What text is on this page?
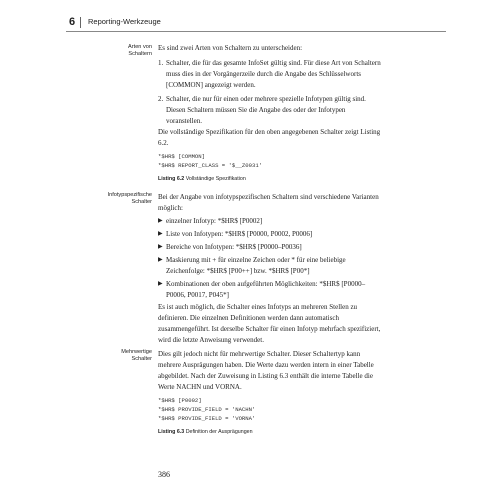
6 Reporting-Werkzeuge
Arten von Schaltern
Infotypspezifische Schalter
Mehrwertige Schalter
Es sind zwei Arten von Schaltern zu unterscheiden:
1. Schalter, die für das gesamte InfoSet gültig sind. Für diese Art von Schaltern muss dies in der Vorgängerzeile durch die Angabe des Schlüsselworts [COMMON] angezeigt werden.
2. Schalter, die nur für einen oder mehrere spezielle Infotypen gültig sind. Diesen Schaltern müssen Sie die Angabe des oder der Infotypen voranstellen.
Die vollständige Spezifikation für den oben angegebenen Schalter zeigt Listing 6.2.
*$HR$ [COMMON]
*$HR$ REPORT_CLASS = '$__Z0031'
Listing 6.2 Vollständige Spezifikation
Bei der Angabe von infotypspezifischen Schaltern sind verschiedene Varianten möglich:
▶ einzelner Infotyp: *$HR$ [P0002]
▶ Liste von Infotypen: *$HR$ [P0000, P0002, P0006]
▶ Bereiche von Infotypen: *$HR$ [P0000–P0036]
▶ Maskierung mit + für einzelne Zeichen oder * für eine beliebige Zeichenfolge: *$HR$ [P00++] bzw. *$HR$ [P00*]
▶ Kombinationen der oben aufgeführten Möglichkeiten: *$HR$ [P0000–P0006, P0017, P045*]
Es ist auch möglich, die Schalter eines Infotyps an mehreren Stellen zu definieren. Die einzelnen Definitionen werden dann automatisch zusammengeführt. Ist derselbe Schalter für einen Infotyp mehrfach spezifiziert, wird die letzte Anweisung verwendet.
Dies gilt jedoch nicht für mehrwertige Schalter. Dieser Schaltertyp kann mehrere Ausprägungen haben. Die Werte dazu werden intern in einer Tabelle abgebildet. Nach der Zuweisung in Listing 6.3 enthält die interne Tabelle die Werte NACHN und VORNA.
*$HR$ [P0002]
*$HR$ PROVIDE_FIELD = 'NACHN'
*$HR$ PROVIDE_FIELD = 'VORNA'
Listing 6.3 Definition der Ausprägungen
386
